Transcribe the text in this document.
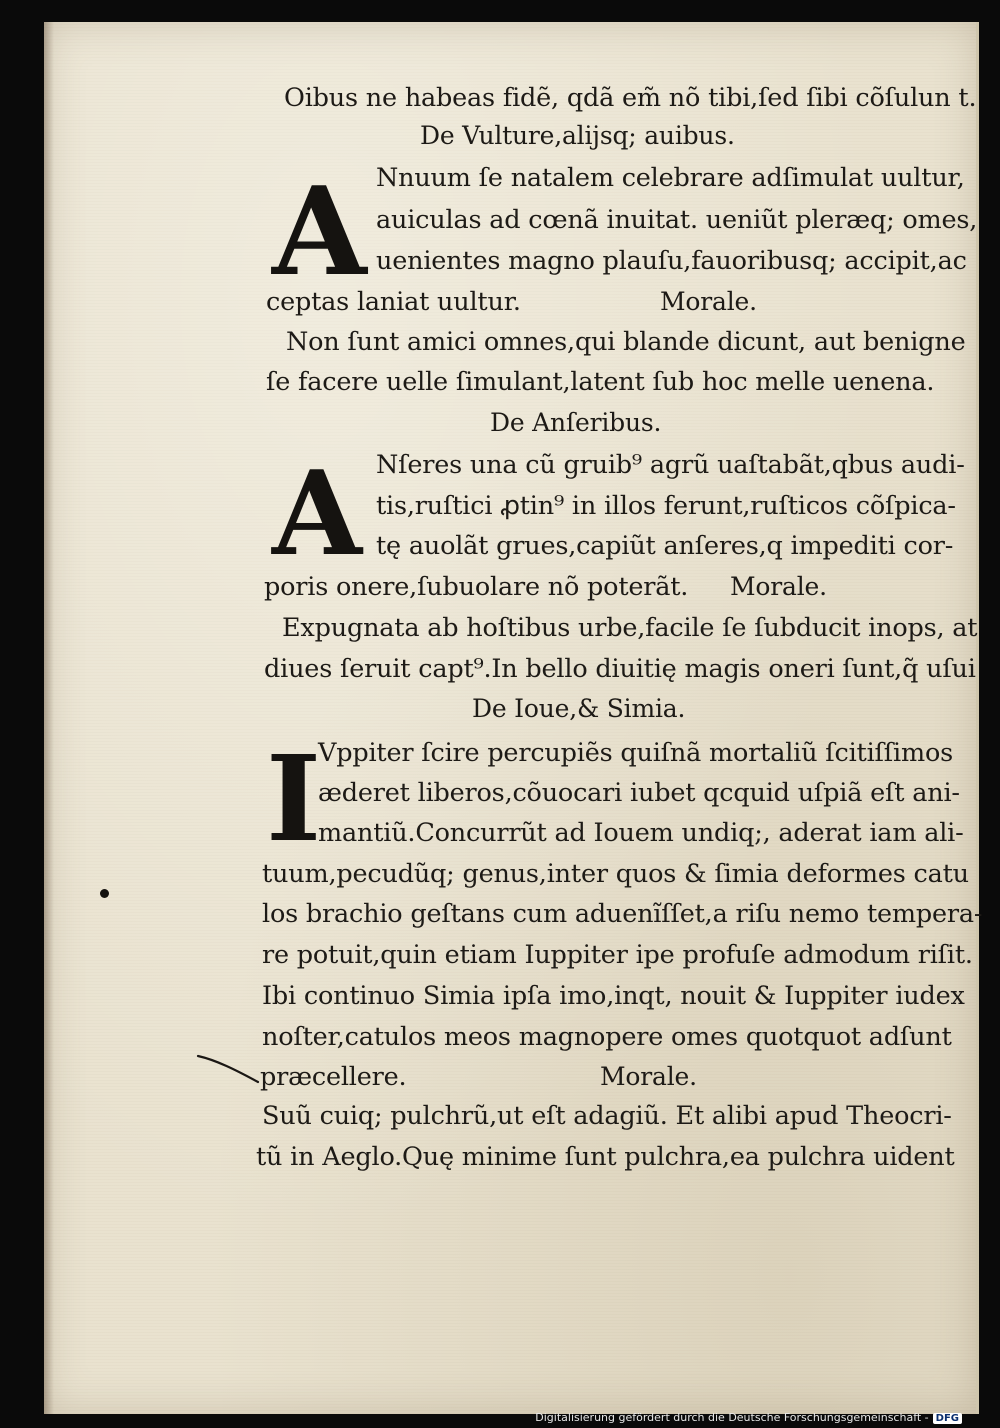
Oibus ne habeas fidẽ, qdã em̃ nõ tibi,ſed ſibi cõſulun t.
De Vulture,alijsq; auibus.
A Nnuum ſe natalem celebrare adſimulat uultur,
auiculas ad cœnã inuitat. ueniũt pleræq; omes,
uenientes magno plauſu,fauoribusq; accipit,ac
ceptas laniat uultur.	Morale.
Non ſunt amici omnes,qui blande dicunt, aut benigne
ſe facere uelle ſimulant,latent ſub hoc melle uenena.
De Anſeribus.
A Nſeres una cũ gruib⁹ agrũ uaſtabãt,qbus audi-
tis,ruſtici ꝓtin⁹ in illos ferunt,ruſticos cõſpica-
tę auolãt grues,capiũt anſeres,q impediti cor-
poris onere,ſubuolare nõ poterãt. Morale.
Expugnata ab hoſtibus urbe,facile ſe ſubducit inops, at
diues ſeruit capt⁹.In bello diuitię magis oneri ſunt,q̃ uſui
De Ioue,& Simia.
I
Vppiter ſcire percupiẽs quiſnã mortaliũ ſcitiſſimos
æderet liberos,cõuocari iubet qcquid uſpiã eſt ani-
mantiũ.Concurrũt ad Iouem undiq;, aderat iam ali-
tuum,pecudũq; genus,inter quos & ſimia deformes catu
los brachio geſtans cum aduenĩſſet,a riſu nemo tempera-
re potuit,quin etiam Iuppiter ipe profuſe admodum riſit.
Ibi continuo Simia ipſa imo,inqt, nouit & Iuppiter iudex
noſter,catulos meos magnopere omes quotquot adſunt
præcellere.	Morale.
Suũ cuiq; pulchrũ,ut eſt adagiũ. Et alibi apud Theocri-
tũ in Aeglo.Quę minime ſunt pulchra,ea pulchra uident
Digitalisierung gefördert durch die Deutsche Forschungsgemeinschaft - DFG
